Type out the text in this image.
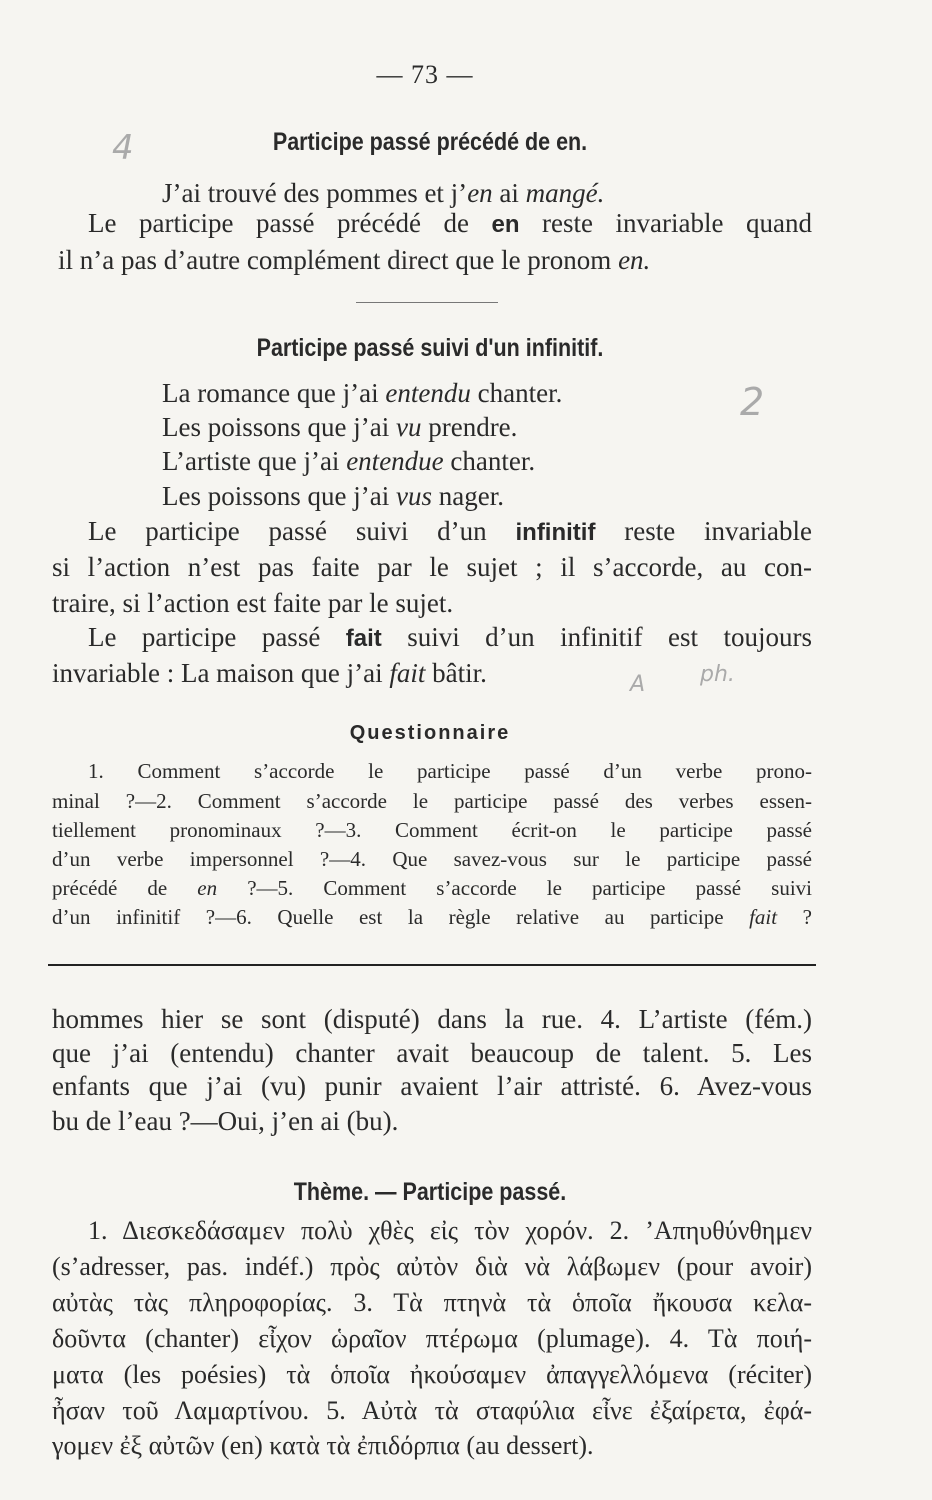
— 73 —
Participe passé précédé de en.
4
J’ai trouvé des pommes et j’en ai mangé.
Le participe passé précédé de en reste invariable quand
il n’a pas d’autre complément direct que le pronom en.
Participe passé suivi d'un infinitif.
2
La romance que j’ai entendu chanter.
Les poissons que j’ai vu prendre.
L’artiste que j’ai entendue chanter.
Les poissons que j’ai vus nager.
Le participe passé suivi d’un infinitif reste invariable
si l’action n’est pas faite par le sujet ; il s’accorde, au con-
traire, si l’action est faite par le sujet.
Le participe passé fait suivi d’un infinitif est toujours
invariable : La maison que j’ai fait bâtir.	A ph.
Questionnaire
1. Comment s’accorde le participe passé d’un verbe prono-
minal ?—2. Comment s’accorde le participe passé des verbes essen-
tiellement pronominaux ?—3. Comment écrit-on le participe passé
d’un verbe impersonnel ?—4. Que savez-vous sur le participe passé
précédé de en ?—5. Comment s’accorde le participe passé suivi
d’un infinitif ?—6. Quelle est la règle relative au participe fait ?
hommes hier se sont (disputé) dans la rue. 4. L’artiste (fém.)
que j’ai (entendu) chanter avait beaucoup de talent. 5. Les
enfants que j’ai (vu) punir avaient l’air attristé. 6. Avez-vous
bu de l’eau ?—Oui, j’en ai (bu).
Thème. — Participe passé.
1. Διεσκεδάσαμεν πολὺ χθὲς εἰς τὸν χορόν. 2. ’Απηυθύνθημεν
(s’adresser, pas. indéf.) πρὸς αὐτὸν διὰ νὰ λάβωμεν (pour avoir)
αὐτὰς τὰς πληροφορίας. 3. Τὰ πτηνὰ τὰ ὁποῖα ἤκουσα κελα-
δοῦντα (chanter) εἶχον ὡραῖον πτέρωμα (plumage). 4. Τὰ ποιή-
ματα (les poésies) τὰ ὁποῖα ἠκούσαμεν ἀπαγγελλόμενα (réciter)
ἦσαν τοῦ Λαμαρτίνου. 5. Αὐτὰ τὰ σταφύλια εἶνε ἐξαίρετα, ἐφά-
γομεν ἐξ αὐτῶν (en) κατὰ τὰ ἐπιδόρπια (au dessert).
